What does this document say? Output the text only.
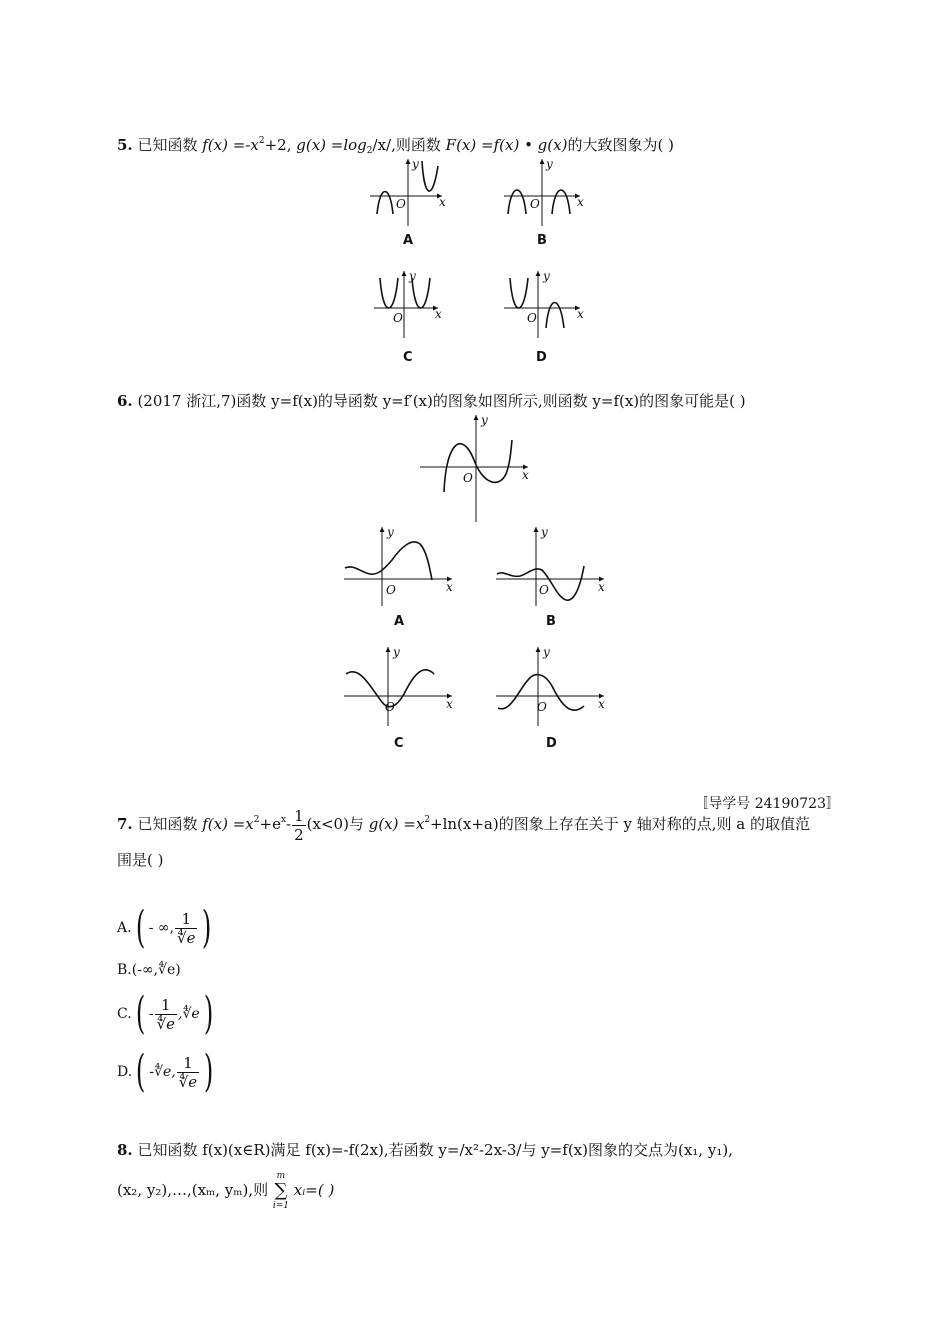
5. 已知函数 $f(x) =-x^2+2$, $g(x) =\log_2/x/$,则函数 F(x) =f(x) • g(x)的大致图象为( )
x
y
O
A
x
y
O
B
x
y
O
C
x
y
O
D
6. (2017 浙江,7)函数 y=f(x)的导函数 y=f′(x)的图象如图所示,则函数 y=f(x)的图象可能是( )
x
y
O
x
y
O
A
x
y
O
B
x
y
O
C
x
y
O
D
〚导学号 24190723〛
7. 已知函数 $f(x) =x^2+e^x- \frac{1}{2} (x<0)$与 $g(x) =x^2+\ln(x+a)$的图象上存在关于 y 轴对称的点,则 a 的取值范
围是( )
A.( - ∞, $\frac{1}{∜e}$ )
B.(-∞,∜e)
$C.( - \frac{1}{∜e}$ ,∜e)
D.( -∜e, $\frac{1}{∜e}$ )
8. 已知函数 f(x)(x∈R)满足 f(x)=-f(2x),若函数 y=/x²-2x-3/与 y=f(x)图象的交点为(x₁, y₁),
(x₂, y₂),…,(xₘ, yₘ),则
m
∑
i=1
xᵢ=( )
